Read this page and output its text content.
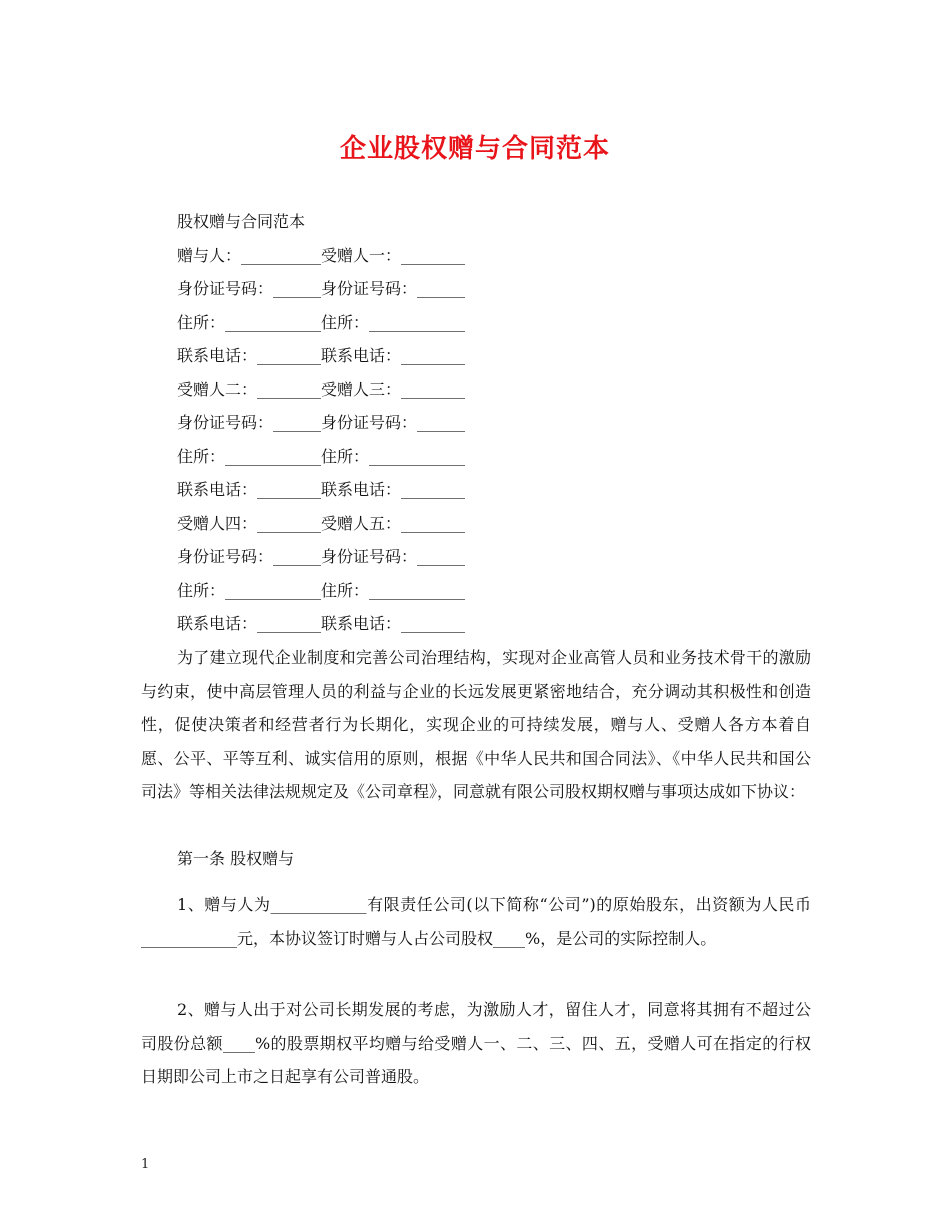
企业股权赠与合同范本
股权赠与合同范本
赠与人：__________受赠人一：________
身份证号码：______身份证号码：______
住所：____________住所：____________
联系电话：________联系电话：________
受赠人二：________受赠人三：________
身份证号码：______身份证号码：______
住所：____________住所：____________
联系电话：________联系电话：________
受赠人四：________受赠人五：________
身份证号码：______身份证号码：______
住所：____________住所：____________
联系电话：________联系电话：________

为了建立现代企业制度和完善公司治理结构，实现对企业高管人员和业务技术骨干的激励与约束，使中高层管理人员的利益与企业的长远发展更紧密地结合，充分调动其积极性和创造性，促使决策者和经营者行为长期化，实现企业的可持续发展，赠与人、受赠人各方本着自愿、公平、平等互利、诚实信用的原则，根据《中华人民共和国合同法》、《中华人民共和国公司法》等相关法律法规规定及《公司章程》，同意就有限公司股权期权赠与事项达成如下协议：

第一条 股权赠与

1、赠与人为____________有限责任公司(以下简称“公司”)的原始股东，出资额为人民币____________元，本协议签订时赠与人占公司股权____%，是公司的实际控制人。

2、赠与人出于对公司长期发展的考虑，为激励人才，留住人才，同意将其拥有不超过公司股份总额____%的股票期权平均赠与给受赠人一、二、三、四、五，受赠人可在指定的行权日期即公司上市之日起享有公司普通股。

1
